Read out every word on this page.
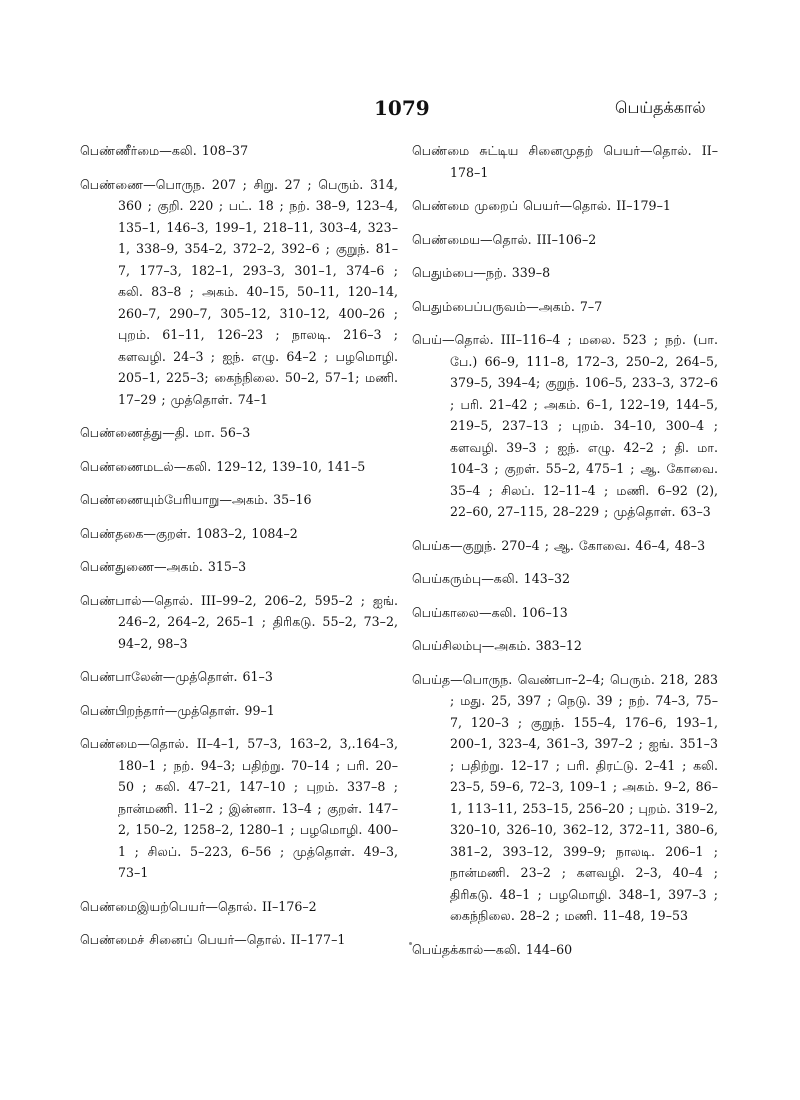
1079	பெய்தக்கால்

பெண்ணீர்மை—கலி. 108–37

பெண்ணை—பொருந. 207 ; சிறு. 27 ; பெரும். 314, 360 ; குறி. 220 ; பட். 18 ; நற். 38–9, 123–4, 135–1, 146–3, 199–1, 218–11, 303–4, 323–1, 338–9, 354–2, 372–2, 392–6 ; குறுந். 81–7, 177–3, 182–1, 293–3, 301–1, 374–6 ; கலி. 83–8 ; அகம். 40–15, 50–11, 120–14, 260–7, 290–7, 305–12, 310–12, 400–26 ; புறம். 61–11, 126–23 ; நாலடி. 216–3 ; களவழி. 24–3 ; ஐந். எழு. 64–2 ; பழமொழி. 205–1, 225–3; கைந்நிலை. 50–2, 57–1; மணி. 17–29 ; முத்தொள். 74–1

பெண்ணைத்து—தி. மா. 56–3

பெண்ணைமடல்—கலி. 129–12, 139–10, 141–5

பெண்ணையும்பேரியாறு—அகம். 35–16

பெண்தகை—குறள். 1083–2, 1084–2

பெண்துணை—அகம். 315–3

பெண்பால்—தொல். III–99–2, 206–2, 595–2 ; ஐங். 246–2, 264–2, 265–1 ; திரிகடு. 55–2, 73–2, 94–2, 98–3

பெண்பாலேன்—முத்தொள். 61–3

பெண்பிறந்தார்—முத்தொள். 99–1

பெண்மை—தொல். II–4–1, 57–3, 163–2, 3,.164–3, 180–1 ; நற். 94–3; பதிற்று. 70–14 ; பரி. 20–50 ; கலி. 47–21, 147–10 ; புறம். 337–8 ; நான்மணி. 11–2 ; இன்னா. 13–4 ; குறள். 147–2, 150–2, 1258–2, 1280–1 ; பழமொழி. 400–1 ; சிலப். 5–223, 6–56 ; முத்தொள். 49–3, 73–1

பெண்மைஇயற்பெயர்—தொல். II–176–2

பெண்மைச் சினைப் பெயர்—தொல். II–177–1

பெண்மை சுட்டிய சினைமுதற் பெயர்—தொல். II–178–1

பெண்மை முறைப் பெயர்—தொல். II–179–1

பெண்மைய—தொல். III–106–2

பெதும்பை—நற். 339–8

பெதும்பைப்பருவம்—அகம். 7–7

பெய்—தொல். III–116–4 ; மலை. 523 ; நற். (பா. பே.) 66–9, 111–8, 172–3, 250–2, 264–5, 379–5, 394–4; குறுந். 106–5, 233–3, 372–6 ; பரி. 21–42 ; அகம். 6–1, 122–19, 144–5, 219–5, 237–13 ; புறம். 34–10, 300–4 ; களவழி. 39–3 ; ஐந். எழு. 42–2 ; தி. மா. 104–3 ; குறள். 55–2, 475–1 ; ஆ. கோவை. 35–4 ; சிலப். 12–11–4 ; மணி. 6–92 (2), 22–60, 27–115, 28–229 ; முத்தொள். 63–3

பெய்க—குறுந். 270–4 ; ஆ. கோவை. 46–4, 48–3

பெய்கரும்பு—கலி. 143–32

பெய்காலை—கலி. 106–13

பெய்சிலம்பு—அகம். 383–12

பெய்த—பொருந. வெண்பா–2–4; பெரும். 218, 283 ; மது. 25, 397 ; நெடு. 39 ; நற். 74–3, 75–7, 120–3 ; குறுந். 155–4, 176–6, 193–1, 200–1, 323–4, 361–3, 397–2 ; ஐங். 351–3 ; பதிற்று. 12–17 ; பரி. திரட்டு. 2–41 ; கலி. 23–5, 59–6, 72–3, 109–1 ; அகம். 9–2, 86–1, 113–11, 253–15, 256–20 ; புறம். 319–2, 320–10, 326–10, 362–12, 372–11, 380–6, 381–2, 393–12, 399–9; நாலடி. 206–1 ; நான்மணி. 23–2 ; களவழி. 2–3, 40–4 ; திரிகடு. 48–1 ; பழமொழி. 348–1, 397–3 ; கைந்நிலை. 28–2 ; மணி. 11–48, 19–53

பெய்தக்கால்—கலி. 144–60
